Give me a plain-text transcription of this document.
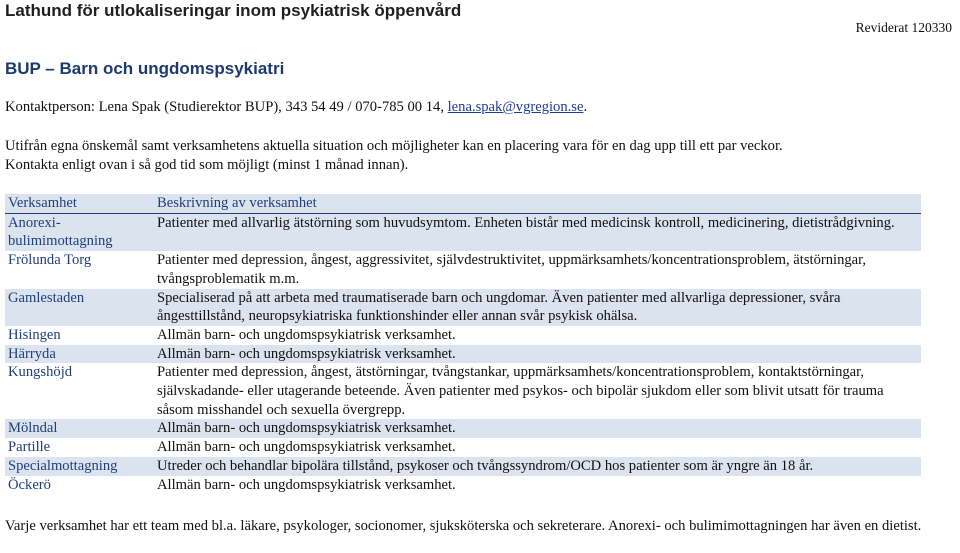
Lathund för utlokaliseringar inom psykiatrisk öppenvård
Reviderat 120330
BUP – Barn och ungdomspsykiatri
Kontaktperson: Lena Spak (Studierektor BUP), 343 54 49 / 070-785 00 14, lena.spak@vgregion.se.

Utifrån egna önskemål samt verksamhetens aktuella situation och möjligheter kan en placering vara för en dag upp till ett par veckor.

Kontakta enligt ovan i så god tid som möjligt (minst 1 månad innan).

Verksamhet	Beskrivning av verksamhet
Anorexi-
bulimimottagning	Patienter med allvarlig ätstörning som huvudsymtom. Enheten bistår med medicinsk kontroll, medicinering, dietistrådgivning.
Frölunda Torg	Patienter med depression, ångest, aggressivitet, självdestruktivitet, uppmärksamhets/koncentrationsproblem, ätstörningar, tvångsproblematik m.m.
Gamlestaden	Specialiserad på att arbeta med traumatiserade barn och ungdomar. Även patienter med allvarliga depressioner, svåra ångesttillstånd, neuropsykiatriska funktionshinder eller annan svår psykisk ohälsa.
Hisingen	Allmän barn- och ungdomspsykiatrisk verksamhet.
Härryda	Allmän barn- och ungdomspsykiatrisk verksamhet.
Kungshöjd	Patienter med depression, ångest, ätstörningar, tvångstankar, uppmärksamhets/koncentrationsproblem, kontaktstörningar, självskadande- eller utagerande beteende. Även patienter med psykos- och bipolär sjukdom eller som blivit utsatt för trauma såsom misshandel och sexuella övergrepp.
Mölndal	Allmän barn- och ungdomspsykiatrisk verksamhet.
Partille	Allmän barn- och ungdomspsykiatrisk verksamhet.
Specialmottagning	Utreder och behandlar bipolära tillstånd, psykoser och tvångssyndrom/OCD hos patienter som är yngre än 18 år.
Öckerö	Allmän barn- och ungdomspsykiatrisk verksamhet.
Varje verksamhet har ett team med bl.a. läkare, psykologer, socionomer, sjuksköterska och sekreterare. Anorexi- och bulimimottagningen har även en dietist.
